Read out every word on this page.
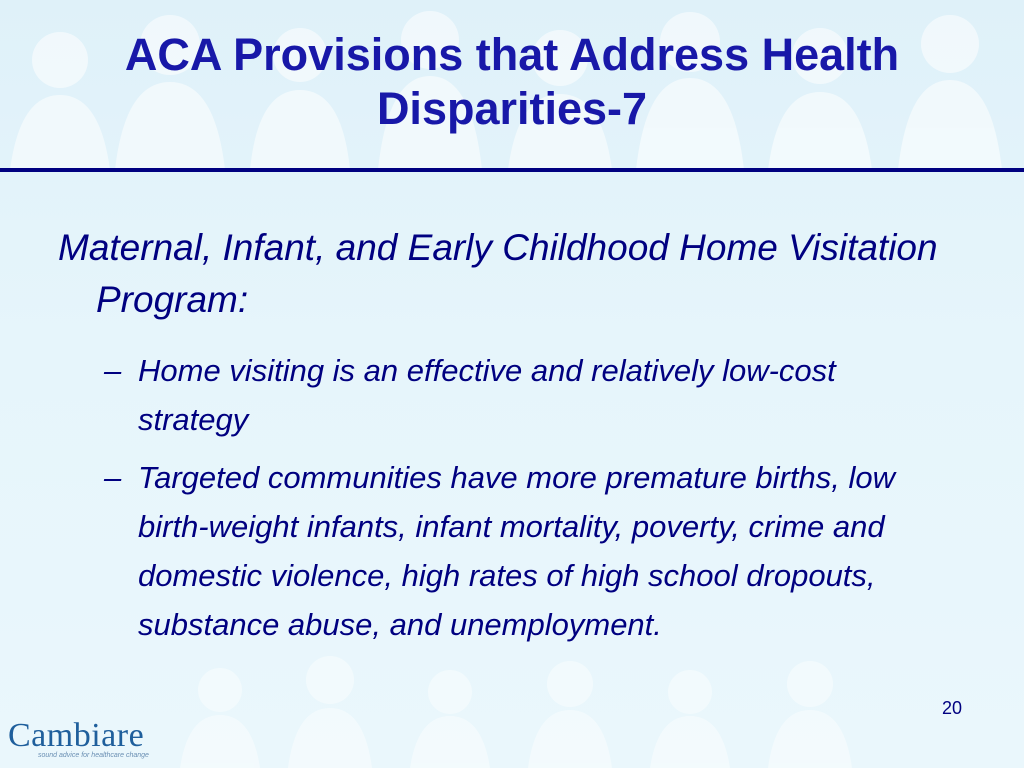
ACA Provisions that Address Health
Disparities-7

Maternal, Infant, and Early Childhood Home Visitation Program:

– Home visiting is an effective and relatively low-cost strategy
– Targeted communities have more premature births, low birth-weight infants, infant mortality, poverty, crime and domestic violence, high rates of high school dropouts, substance abuse, and unemployment.
20
Cambiare
sound advice for healthcare change
